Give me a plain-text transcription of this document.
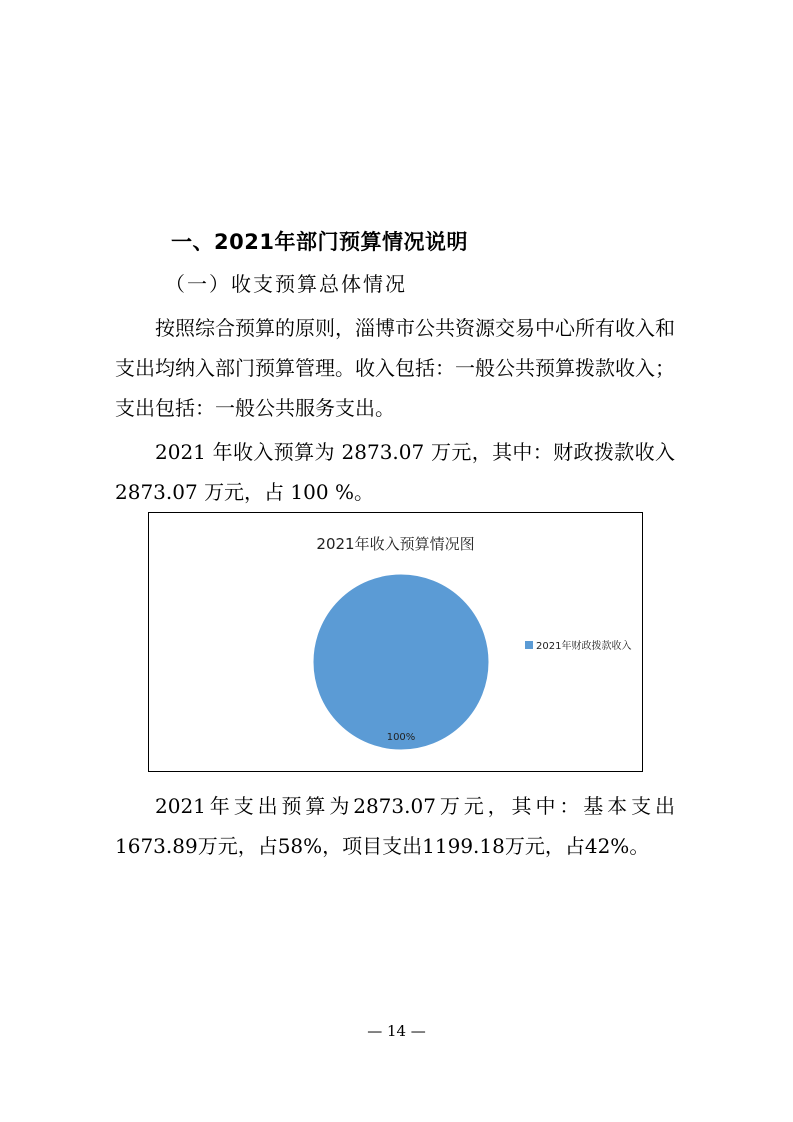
一、2021年部门预算情况说明
（一）收支预算总体情况
按照综合预算的原则，淄博市公共资源交易中心所有收入和支出均纳入部门预算管理。收入包括：一般公共预算拨款收入；支出包括：一般公共服务支出。
2021 年收入预算为 2873.07 万元，其中：财政拨款收入 2873.07 万元，占 100 %。
2021年收入预算情况图
100%
2021年财政拨款收入
2021年支出预算为2873.07万元，其中：基本支出1673.89万元，占58%，项目支出1199.18万元，占42%。
— 14 —
